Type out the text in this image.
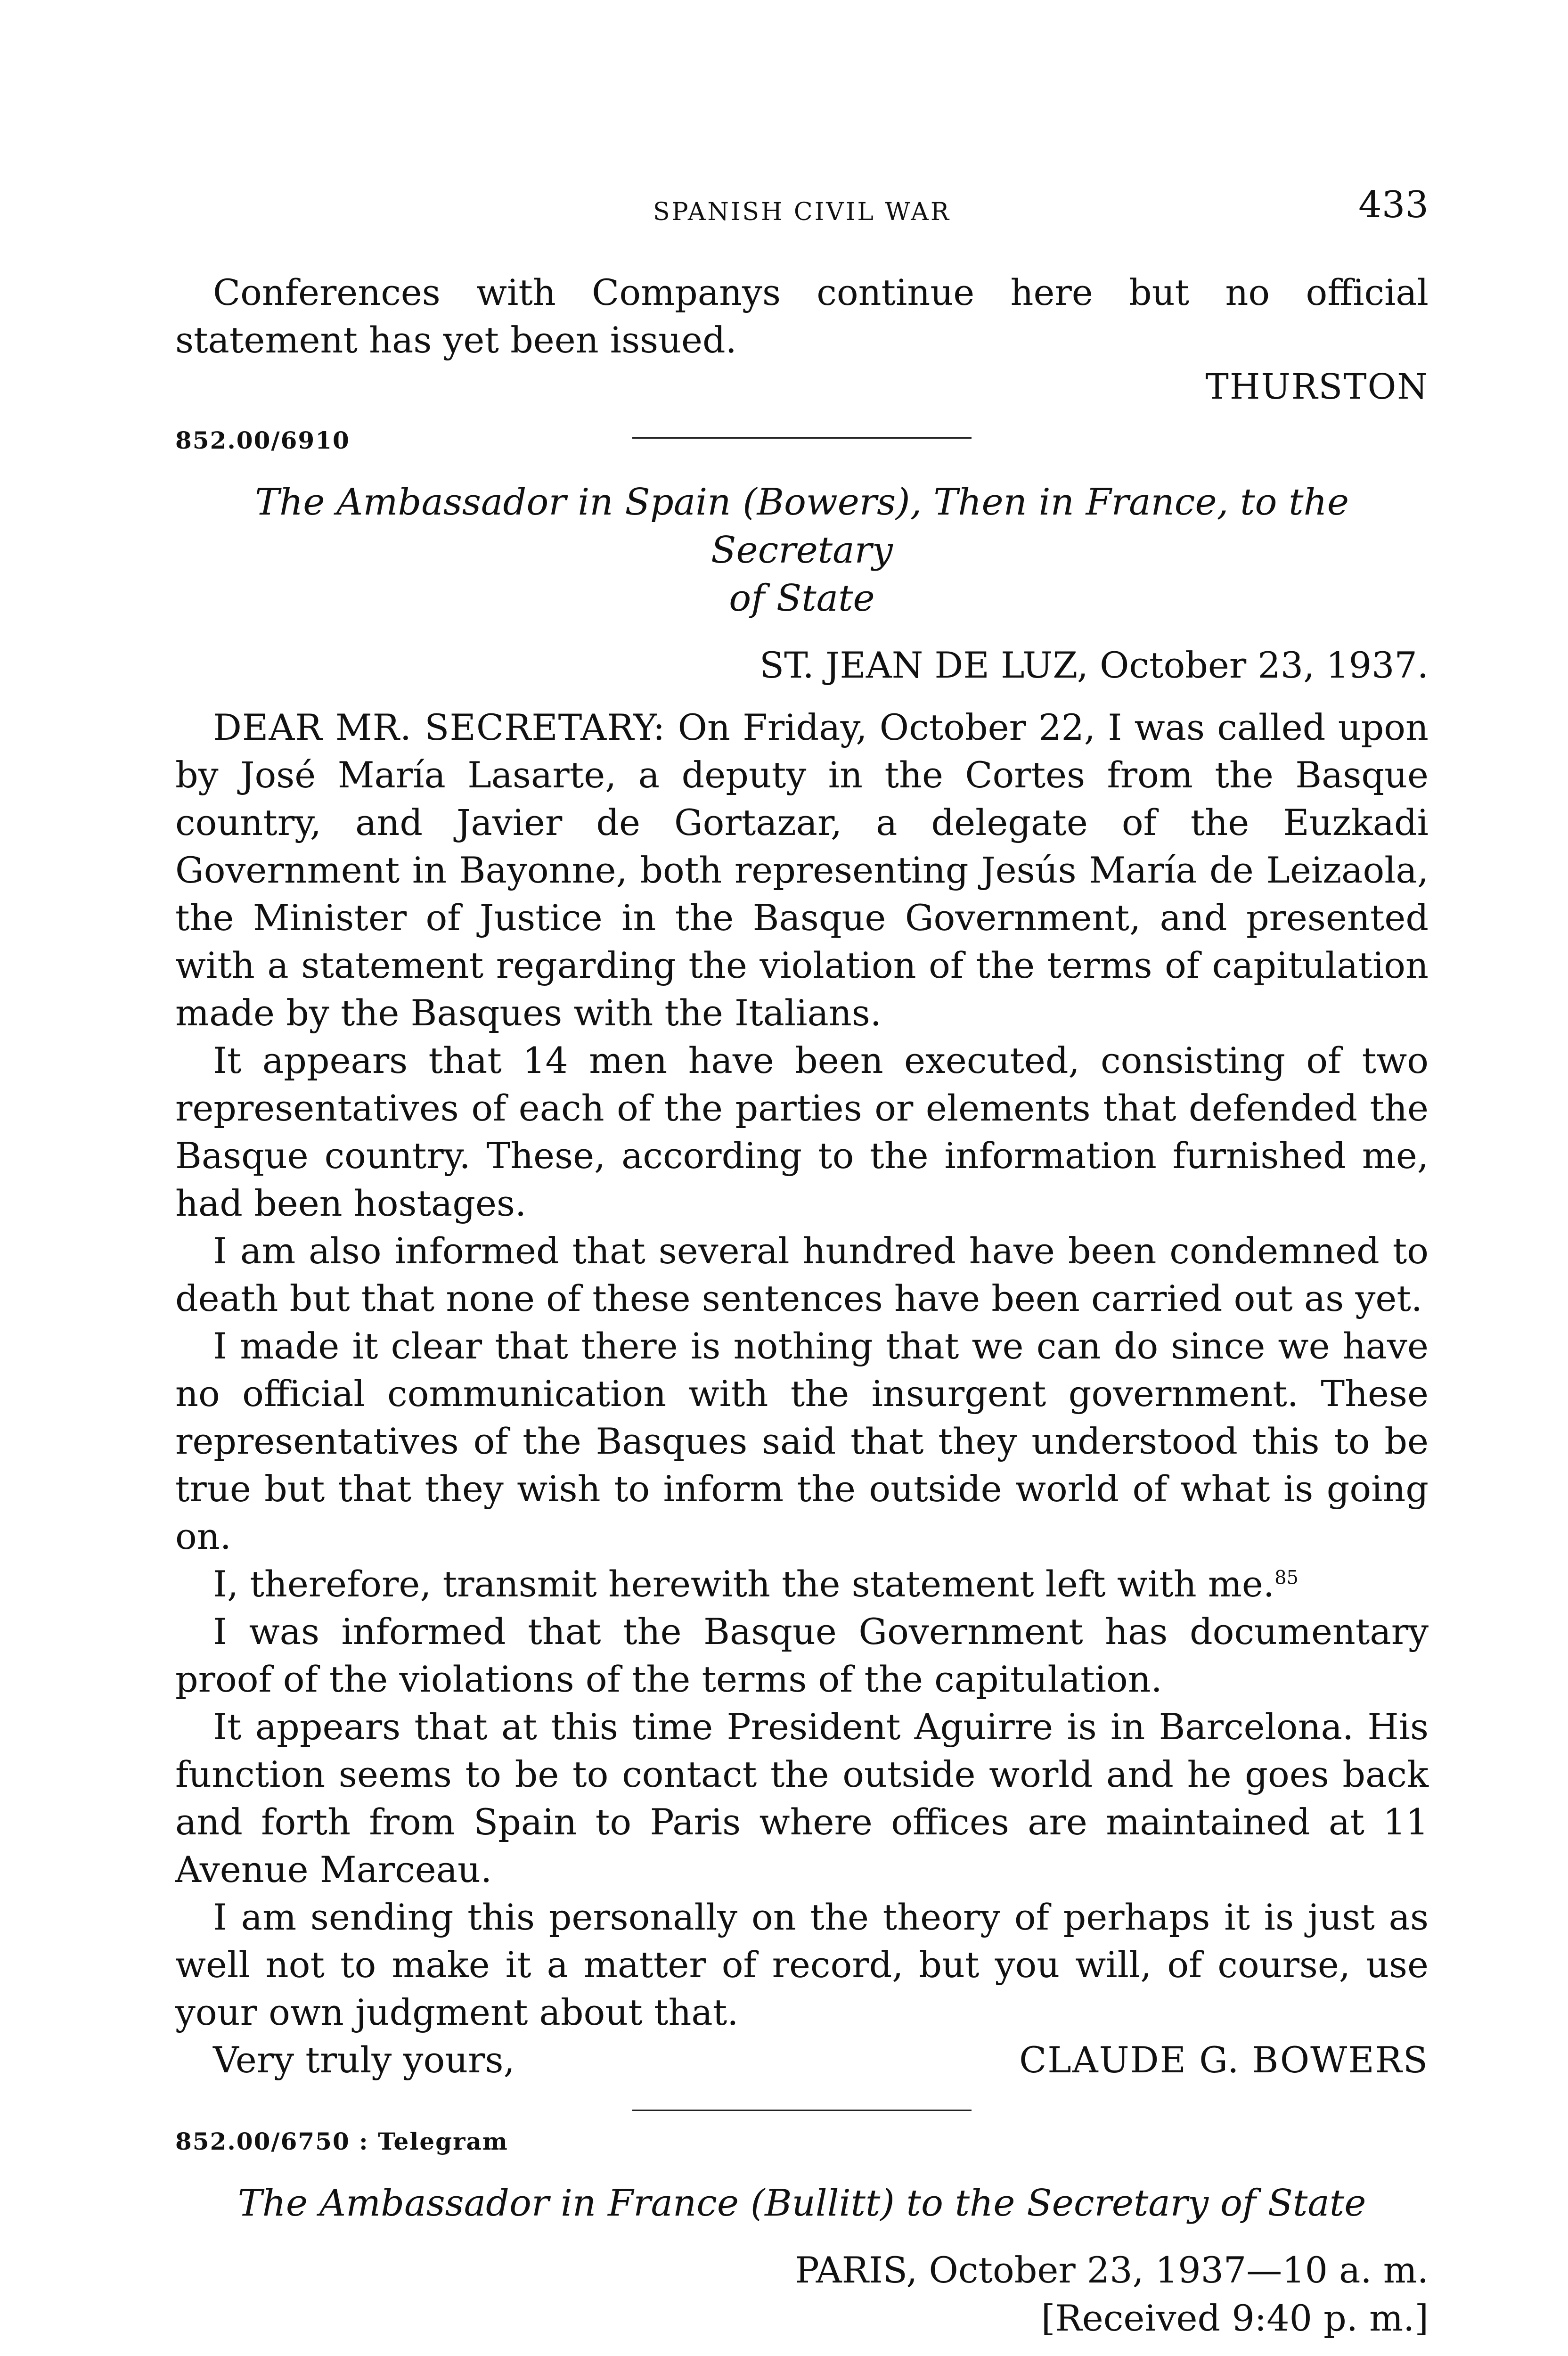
SPANISH CIVIL WAR	433

Conferences with Companys continue here but no official statement has yet been issued.

THURSTON
852.00/6910
The Ambassador in Spain (Bowers), Then in France, to the Secretary
of State
ST. JEAN DE LUZ, October 23, 1937.

DEAR MR. SECRETARY: On Friday, October 22, I was called upon by José María Lasarte, a deputy in the Cortes from the Basque country, and Javier de Gortazar, a delegate of the Euzkadi Government in Bayonne, both representing Jesús María de Leizaola, the Minister of Justice in the Basque Government, and presented with a statement regarding the violation of the terms of capitulation made by the Basques with the Italians.

It appears that 14 men have been executed, consisting of two representatives of each of the parties or elements that defended the Basque country. These, according to the information furnished me, had been hostages.

I am also informed that several hundred have been condemned to death but that none of these sentences have been carried out as yet.

I made it clear that there is nothing that we can do since we have no official communication with the insurgent government. These representatives of the Basques said that they understood this to be true but that they wish to inform the outside world of what is going on.

I, therefore, transmit herewith the statement left with me.$^{85}$

I was informed that the Basque Government has documentary proof of the violations of the terms of the capitulation.

It appears that at this time President Aguirre is in Barcelona. His function seems to be to contact the outside world and he goes back and forth from Spain to Paris where offices are maintained at 11 Avenue Marceau.

I am sending this personally on the theory of perhaps it is just as well not to make it a matter of record, but you will, of course, use your own judgment about that.

Very truly yours,	CLAUDE G. BOWERS
852.00/6750 : Telegram
The Ambassador in France (Bullitt) to the Secretary of State
PARIS, October 23, 1937—10 a. m.
[Received 9:40 p. m.]
